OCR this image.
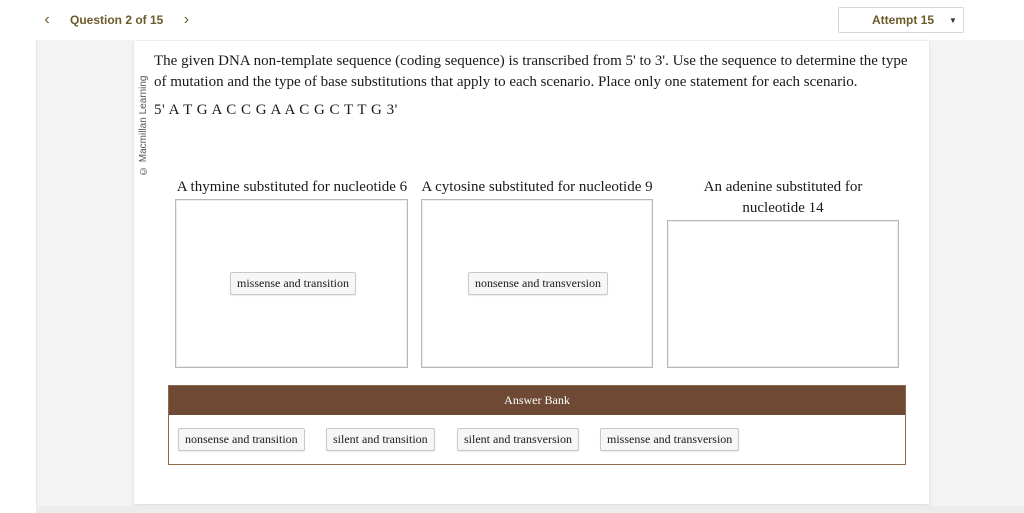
‹	Question 2 of 15 ›	Attempt 15 ▼
© Macmillan Learning
The given DNA non-template sequence (coding sequence) is transcribed from 5' to 3'. Use the sequence to determine the type of mutation and the type of base substitutions that apply to each scenario. Place only one statement for each scenario.
5' A T G A C C G A A C G C T T G 3'
A thymine substituted for nucleotide 6
missense and transition
A cytosine substituted for nucleotide 9
nonsense and transversion
An adenine substituted for nucleotide 14
Answer Bank
nonsense and transition	silent and transition	silent and transversion	missense and transversion
